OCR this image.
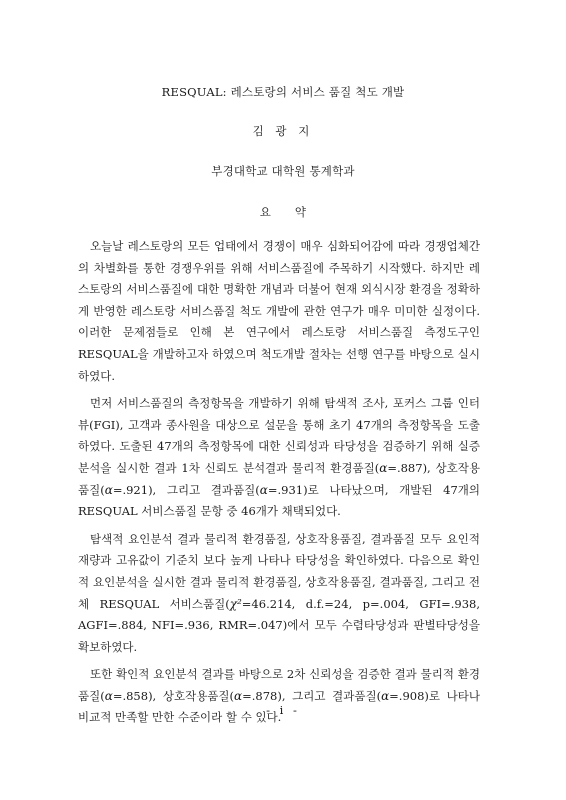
RESQUAL: 레스토랑의 서비스 품질 척도 개발
김 광 지
부경대학교 대학원 통계학과
요 약

오늘날 레스토랑의 모든 업태에서 경쟁이 매우 심화되어감에 따라 경쟁업체간의 차별화를 통한 경쟁우위를 위해 서비스품질에 주목하기 시작했다. 하지만 레스토랑의 서비스품질에 대한 명확한 개념과 더불어 현재 외식시장 환경을 정확하게 반영한 레스토랑 서비스품질 척도 개발에 관한 연구가 매우 미미한 실정이다. 이러한 문제점들로 인해 본 연구에서 레스토랑 서비스품질 측정도구인 RESQUAL을 개발하고자 하였으며 척도개발 절차는 선행 연구를 바탕으로 실시하였다.

먼저 서비스품질의 측정항목을 개발하기 위해 탐색적 조사, 포커스 그룹 인터뷰(FGI), 고객과 종사원을 대상으로 설문을 통해 초기 47개의 측정항목을 도출하였다. 도출된 47개의 측정항목에 대한 신뢰성과 타당성을 검증하기 위해 실증분석을 실시한 결과 1차 신뢰도 분석결과 물리적 환경품질(α=.887), 상호작용품질(α=.921), 그리고 결과품질(α=.931)로 나타났으며, 개발된 47개의 RESQUAL 서비스품질 문항 중 46개가 채택되었다.

탐색적 요인분석 결과 물리적 환경품질, 상호작용품질, 결과품질 모두 요인적재량과 고유값이 기준치 보다 높게 나타나 타당성을 확인하였다. 다음으로 확인적 요인분석을 실시한 결과 물리적 환경품질, 상호작용품질, 결과품질, 그리고 전체 RESQUAL 서비스품질(χ²=46.214, d.f.=24, p=.004, GFI=.938, AGFI=.884, NFI=.936, RMR=.047)에서 모두 수렴타당성과 판별타당성을 확보하였다.

또한 확인적 요인분석 결과를 바탕으로 2차 신뢰성을 검증한 결과 물리적 환경품질(α=.858), 상호작용품질(α=.878), 그리고 결과품질(α=.908)로 나타나 비교적 만족할 만한 수준이라 할 수 있다.

- i -
